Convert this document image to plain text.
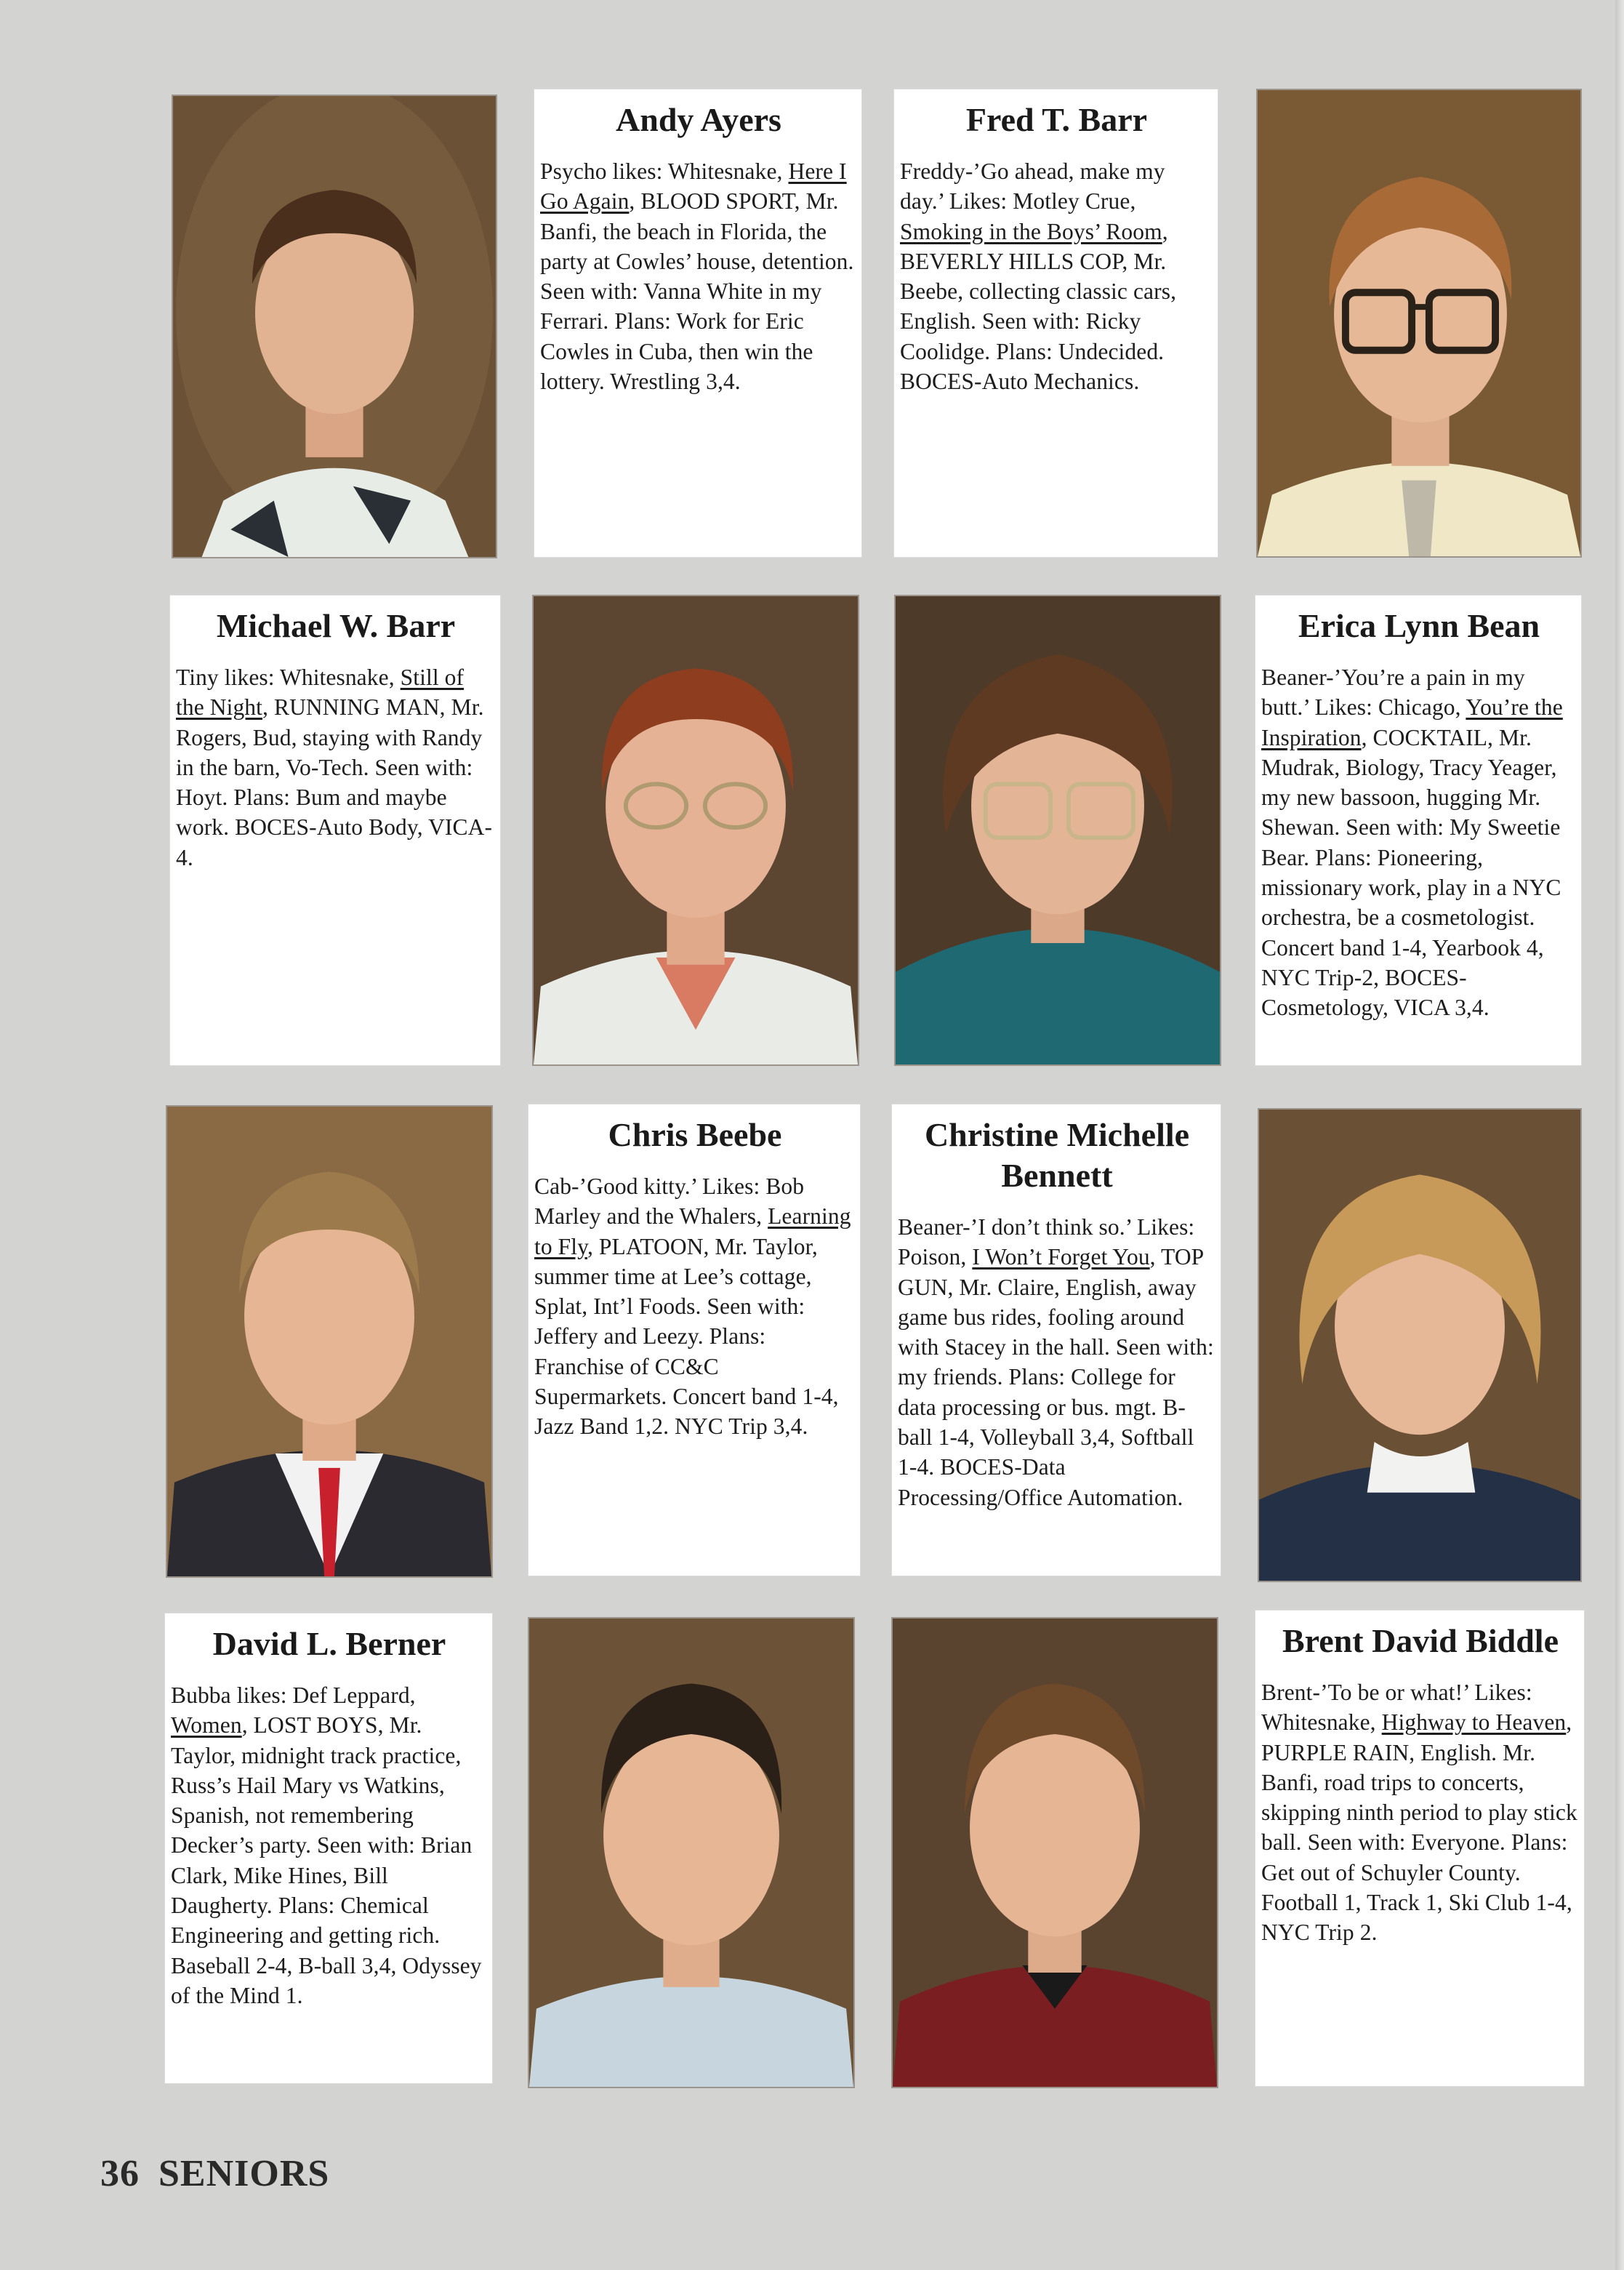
Andy Ayers

Psycho likes: Whitesnake, Here I Go Again, BLOOD SPORT, Mr. Banfi, the beach in Florida, the party at Cowles’ house, detention. Seen with: Vanna White in my Ferrari. Plans: Work for Eric Cowles in Cuba, then win the lottery. Wrestling 3,4.

Fred T. Barr

Freddy-’Go ahead, make my day.’ Likes: Motley Crue, Smoking in the Boys’ Room, BEVERLY HILLS COP, Mr. Beebe, collecting classic cars, English. Seen with: Ricky Coolidge. Plans: Undecided. BOCES-Auto Mechanics.

Michael W. Barr

Tiny likes: Whitesnake, Still of the Night, RUNNING MAN, Mr. Rogers, Bud, staying with Randy in the barn, Vo-Tech. Seen with: Hoyt. Plans: Bum and maybe work. BOCES-Auto Body, VICA-4.

Erica Lynn Bean

Beaner-’You’re a pain in my butt.’ Likes: Chicago, You’re the Inspiration, COCKTAIL, Mr. Mudrak, Biology, Tracy Yeager, my new bassoon, hugging Mr. Shewan. Seen with: My Sweetie Bear. Plans: Pioneering, missionary work, play in a NYC orchestra, be a cosmetologist. Concert band 1-4, Yearbook 4, NYC Trip-2, BOCES-Cosmetology, VICA 3,4.

Chris Beebe

Cab-’Good kitty.’ Likes: Bob Marley and the Whalers, Learning to Fly, PLATOON, Mr. Taylor, summer time at Lee’s cottage, Splat, Int’l Foods. Seen with: Jeffery and Leezy. Plans: Franchise of CC&C Supermarkets. Concert band 1-4, Jazz Band 1,2. NYC Trip 3,4.

Christine Michelle Bennett

Beaner-’I don’t think so.’ Likes: Poison, I Won’t Forget You, TOP GUN, Mr. Claire, English, away game bus rides, fooling around with Stacey in the hall. Seen with: my friends. Plans: College for data processing or bus. mgt. B-ball 1-4, Volleyball 3,4, Softball 1-4. BOCES-Data Processing/Office Automation.

David L. Berner

Bubba likes: Def Leppard, Women, LOST BOYS, Mr. Taylor, midnight track practice, Russ’s Hail Mary vs Watkins, Spanish, not remembering Decker’s party. Seen with: Brian Clark, Mike Hines, Bill Daugherty. Plans: Chemical Engineering and getting rich. Baseball 2-4, B-ball 3,4, Odyssey of the Mind 1.

Brent David Biddle

Brent-’To be or what!’ Likes: Whitesnake, Highway to Heaven, PURPLE RAIN, English. Mr. Banfi, road trips to concerts, skipping ninth period to play stick ball. Seen with: Everyone. Plans: Get out of Schuyler County. Football 1, Track 1, Ski Club 1-4, NYC Trip 2.

36 SENIORS
